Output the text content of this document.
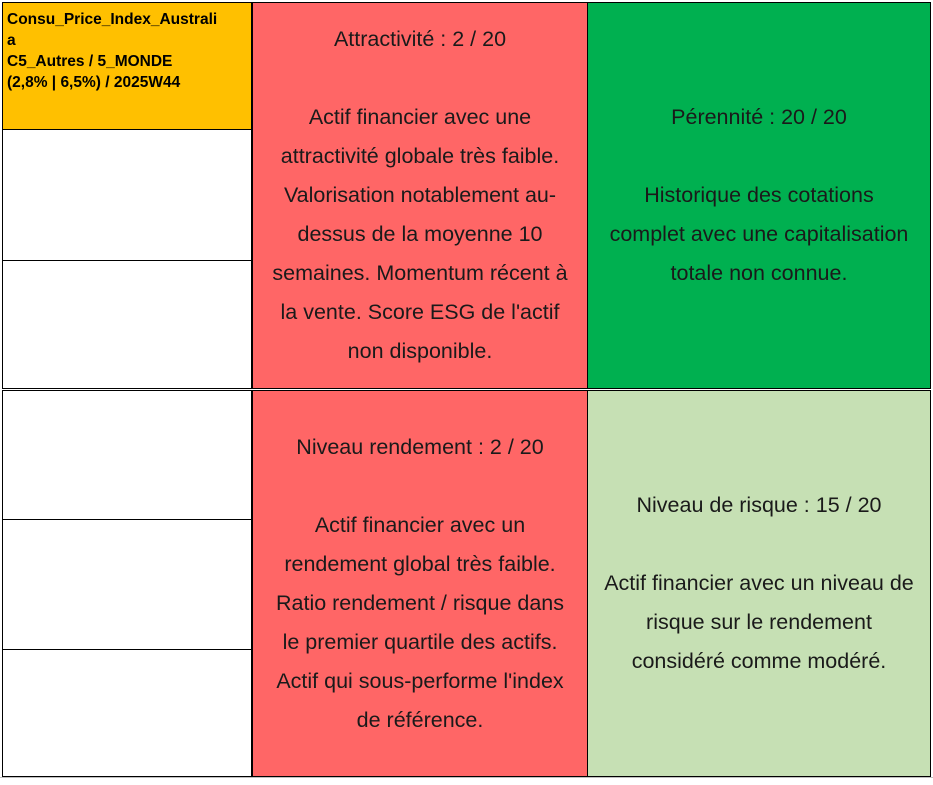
Consu_Price_Index_Australi
a
C5_Autres / 5_MONDE
(2,8% | 6,5%) / 2025W44
Attractivité : 2 / 20
Actif financier avec une
attractivité globale très faible.
Valorisation notablement au-
dessus de la moyenne 10
semaines. Momentum récent à
la vente. Score ESG de l'actif
non disponible.
Pérennité : 20 / 20
Historique des cotations
complet avec une capitalisation
totale non connue.
Niveau rendement : 2 / 20
Actif financier avec un
rendement global très faible.
Ratio rendement / risque dans
le premier quartile des actifs.
Actif qui sous-performe l'index
de référence.
Niveau de risque : 15 / 20
Actif financier avec un niveau de
risque sur le rendement
considéré comme modéré.
